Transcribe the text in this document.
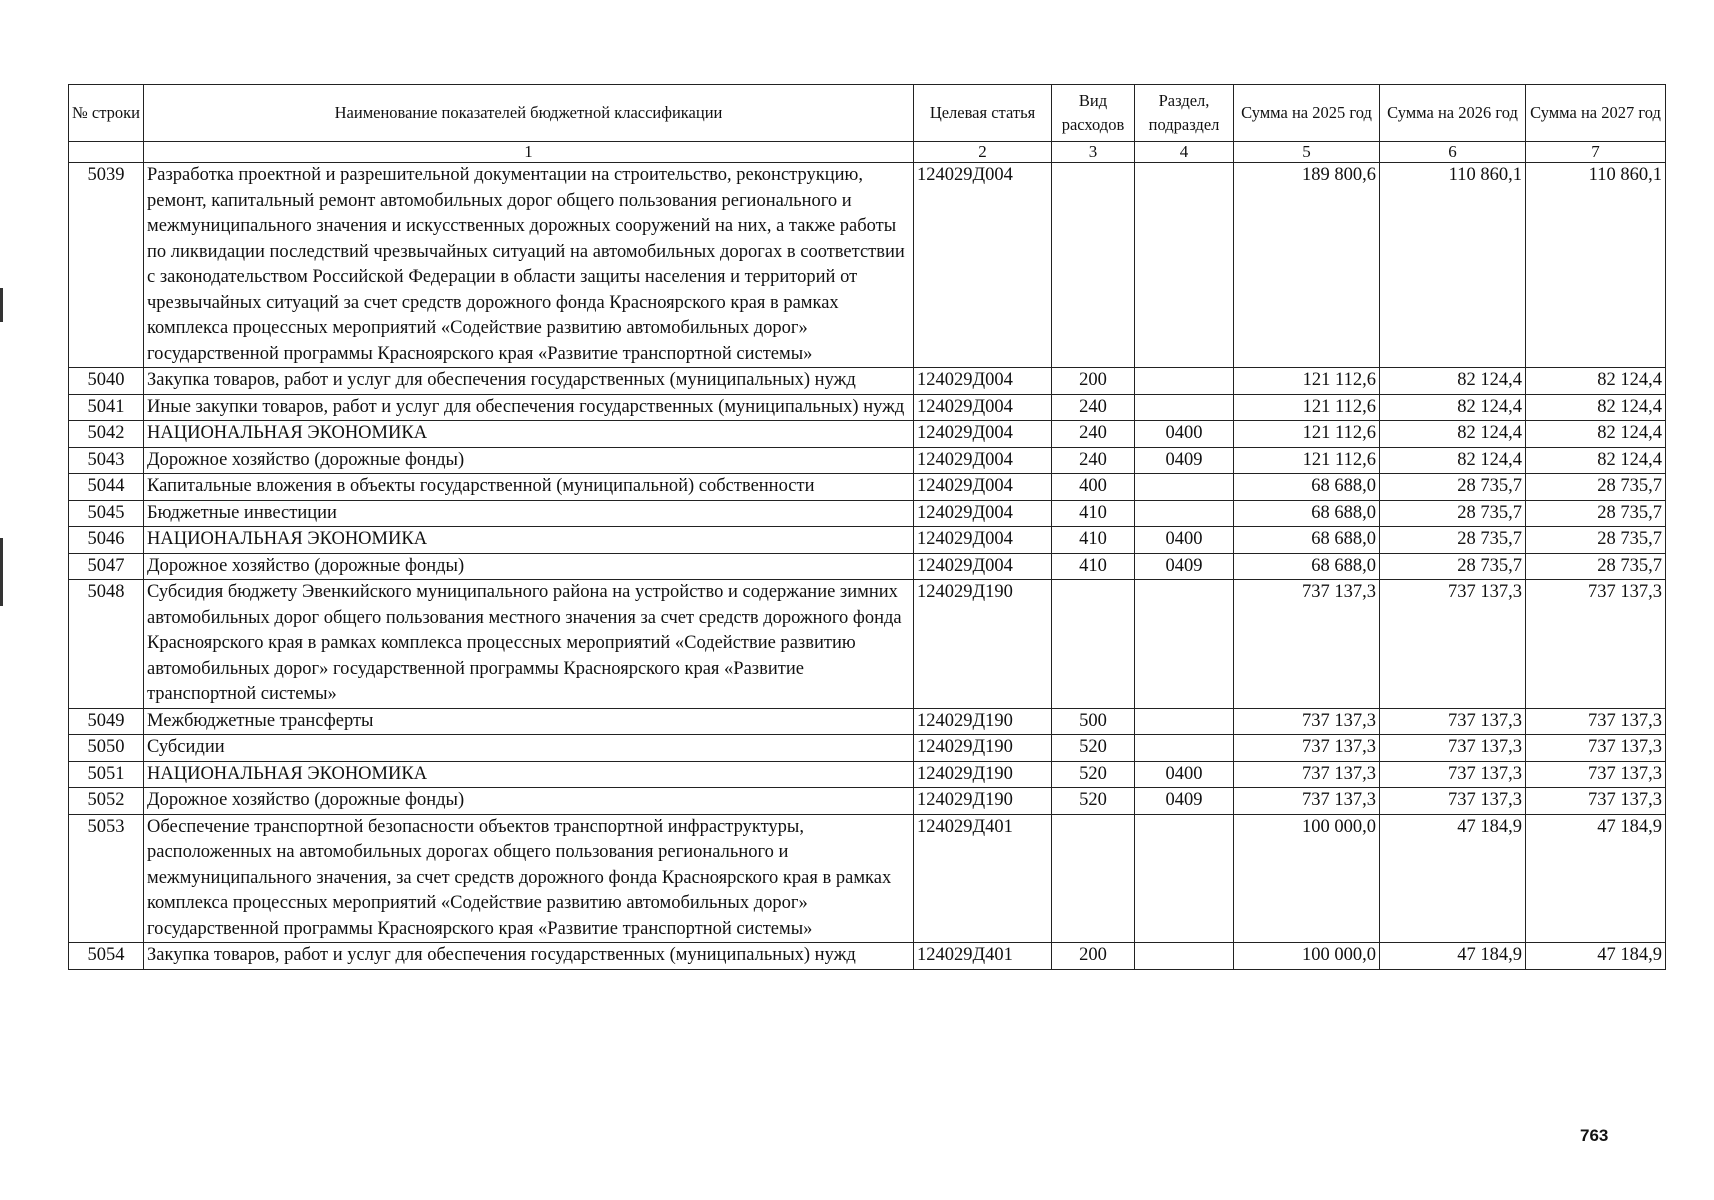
№ строки	Наименование показателей бюджетной классификации	Целевая статья	Вид расходов	Раздел, подраздел	Сумма на 2025 год	Сумма на 2026 год	Сумма на 2027 год
	1	2	3	4	5	6	7
5039	Разработка проектной и разрешительной документации на строительство, реконструкцию, ремонт, капитальный ремонт автомобильных дорог общего пользования регионального и межмуниципального значения и искусственных дорожных сооружений на них, а также работы по ликвидации последствий чрезвычайных ситуаций на автомобильных дорогах в соответствии с законодательством Российской Федерации в области защиты населения и территорий от чрезвычайных ситуаций за счет средств дорожного фонда Красноярского края в рамках комплекса процессных мероприятий «Содействие развитию автомобильных дорог» государственной программы Красноярского края «Развитие транспортной системы»	124029Д004			189 800,6	110 860,1	110 860,1
5040	Закупка товаров, работ и услуг для обеспечения государственных (муниципальных) нужд	124029Д004	200		121 112,6	82 124,4	82 124,4
5041	Иные закупки товаров, работ и услуг для обеспечения государственных (муниципальных) нужд	124029Д004	240		121 112,6	82 124,4	82 124,4
5042	НАЦИОНАЛЬНАЯ ЭКОНОМИКА	124029Д004	240	0400	121 112,6	82 124,4	82 124,4
5043	Дорожное хозяйство (дорожные фонды)	124029Д004	240	0409	121 112,6	82 124,4	82 124,4
5044	Капитальные вложения в объекты государственной (муниципальной) собственности	124029Д004	400		68 688,0	28 735,7	28 735,7
5045	Бюджетные инвестиции	124029Д004	410		68 688,0	28 735,7	28 735,7
5046	НАЦИОНАЛЬНАЯ ЭКОНОМИКА	124029Д004	410	0400	68 688,0	28 735,7	28 735,7
5047	Дорожное хозяйство (дорожные фонды)	124029Д004	410	0409	68 688,0	28 735,7	28 735,7
5048	Субсидия бюджету Эвенкийского муниципального района на устройство и содержание зимних автомобильных дорог общего пользования местного значения за счет средств дорожного фонда Красноярского края в рамках комплекса процессных мероприятий «Содействие развитию автомобильных дорог» государственной программы Красноярского края «Развитие транспортной системы»	124029Д190			737 137,3	737 137,3	737 137,3
5049	Межбюджетные трансферты	124029Д190	500		737 137,3	737 137,3	737 137,3
5050	Субсидии	124029Д190	520		737 137,3	737 137,3	737 137,3
5051	НАЦИОНАЛЬНАЯ ЭКОНОМИКА	124029Д190	520	0400	737 137,3	737 137,3	737 137,3
5052	Дорожное хозяйство (дорожные фонды)	124029Д190	520	0409	737 137,3	737 137,3	737 137,3
5053	Обеспечение транспортной безопасности объектов транспортной инфраструктуры, расположенных на автомобильных дорогах общего пользования регионального и межмуниципального значения, за счет средств дорожного фонда Красноярского края в рамках комплекса процессных мероприятий «Содействие развитию автомобильных дорог» государственной программы Красноярского края «Развитие транспортной системы»	124029Д401			100 000,0	47 184,9	47 184,9
5054	Закупка товаров, работ и услуг для обеспечения государственных (муниципальных) нужд	124029Д401	200		100 000,0	47 184,9	47 184,9
763
